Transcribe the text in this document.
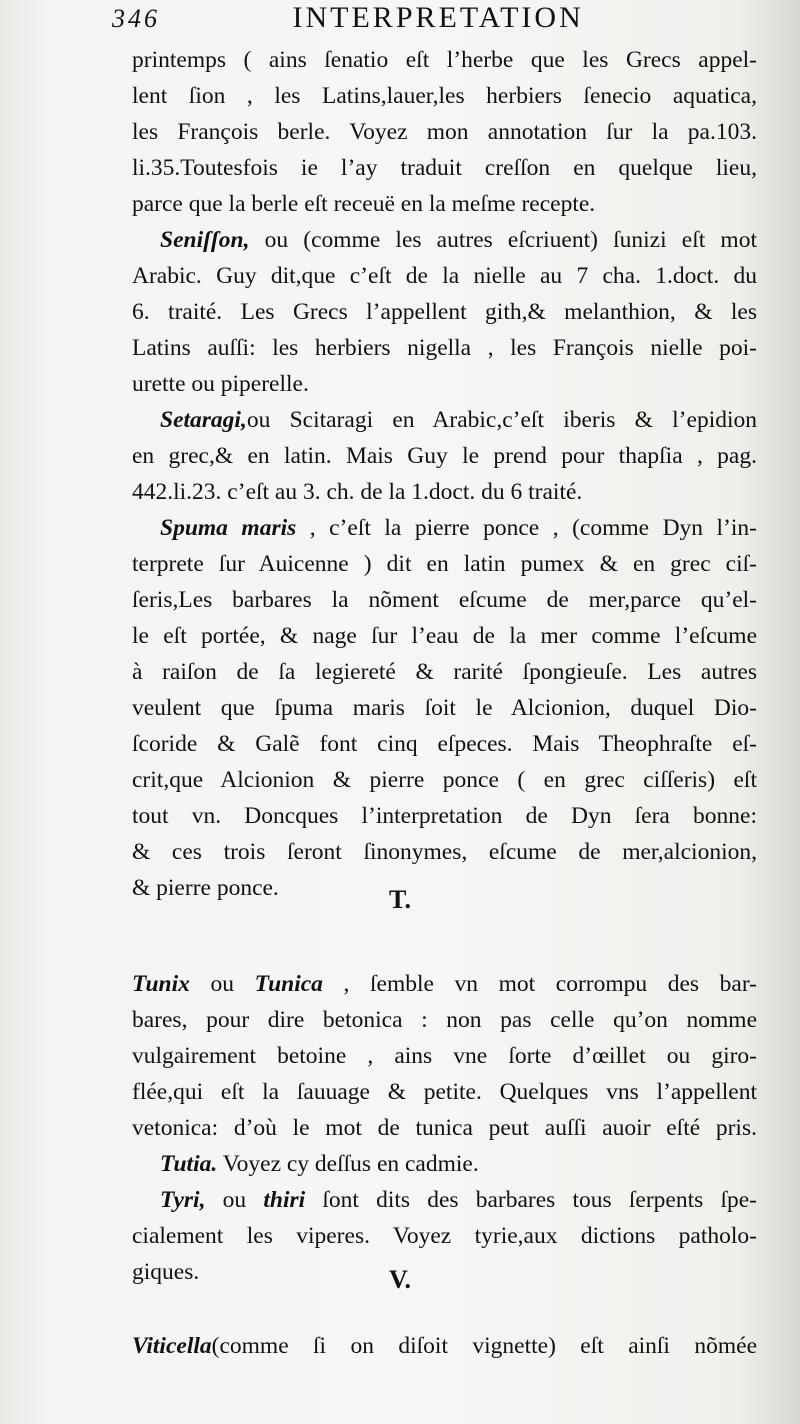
346	INTERPRETATION
printemps ( ains ſenatio eſt l’herbe que les Grecs appel-
lent ſion , les Latins,lauer,les herbiers ſenecio aquatica,
les François berle. Voyez mon annotation ſur la pa.103.
li.35.Toutesfois ie l’ay traduit creſſon en quelque lieu,
parce que la berle eſt receuë en la meſme recepte.
Seniſſon, ou (comme les autres eſcriuent) ſunizi eſt mot
Arabic. Guy dit,que c’eſt de la nielle au 7 cha. 1.doct. du
6. traité. Les Grecs l’appellent gith,& melanthion, & les
Latins auſſi: les herbiers nigella , les François nielle poi-
urette ou piperelle.
Setaragi,ou Scitaragi en Arabic,c’eſt iberis & l’epidion
en grec,& en latin. Mais Guy le prend pour thapſia , pag.
442.li.23. c’eſt au 3. ch. de la 1.doct. du 6 traité.
Spuma maris , c’eſt la pierre ponce , (comme Dyn l’in-
terprete ſur Auicenne ) dit en latin pumex & en grec ciſ-
ſeris,Les barbares la nõment eſcume de mer,parce qu’el-
le eſt portée, & nage ſur l’eau de la mer comme l’eſcume
à raiſon de ſa legiereté & rarité ſpongieuſe. Les autres
veulent que ſpuma maris ſoit le Alcionion, duquel Dio-
ſcoride & Galẽ font cinq eſpeces. Mais Theophraſte eſ-
crit,que Alcionion & pierre ponce ( en grec ciſſeris) eſt
tout vn. Doncques l’interpretation de Dyn ſera bonne:
& ces trois ſeront ſinonymes, eſcume de mer,alcionion,
& pierre ponce.	T.
Tunix ou Tunica , ſemble vn mot corrompu des bar-
bares, pour dire betonica : non pas celle qu’on nomme
vulgairement betoine , ains vne ſorte d’œillet ou giro-
flée,qui eſt la ſauuage & petite. Quelques vns l’appellent
vetonica: d’où le mot de tunica peut auſſi auoir eſté pris.
Tutia. Voyez cy deſſus en cadmie.
Tyri, ou thiri ſont dits des barbares tous ſerpents ſpe-
cialement les viperes. Voyez tyrie,aux dictions patholo-
giques.	V.
Viticella(comme ſi on diſoit vignette) eſt ainſi nõmée
